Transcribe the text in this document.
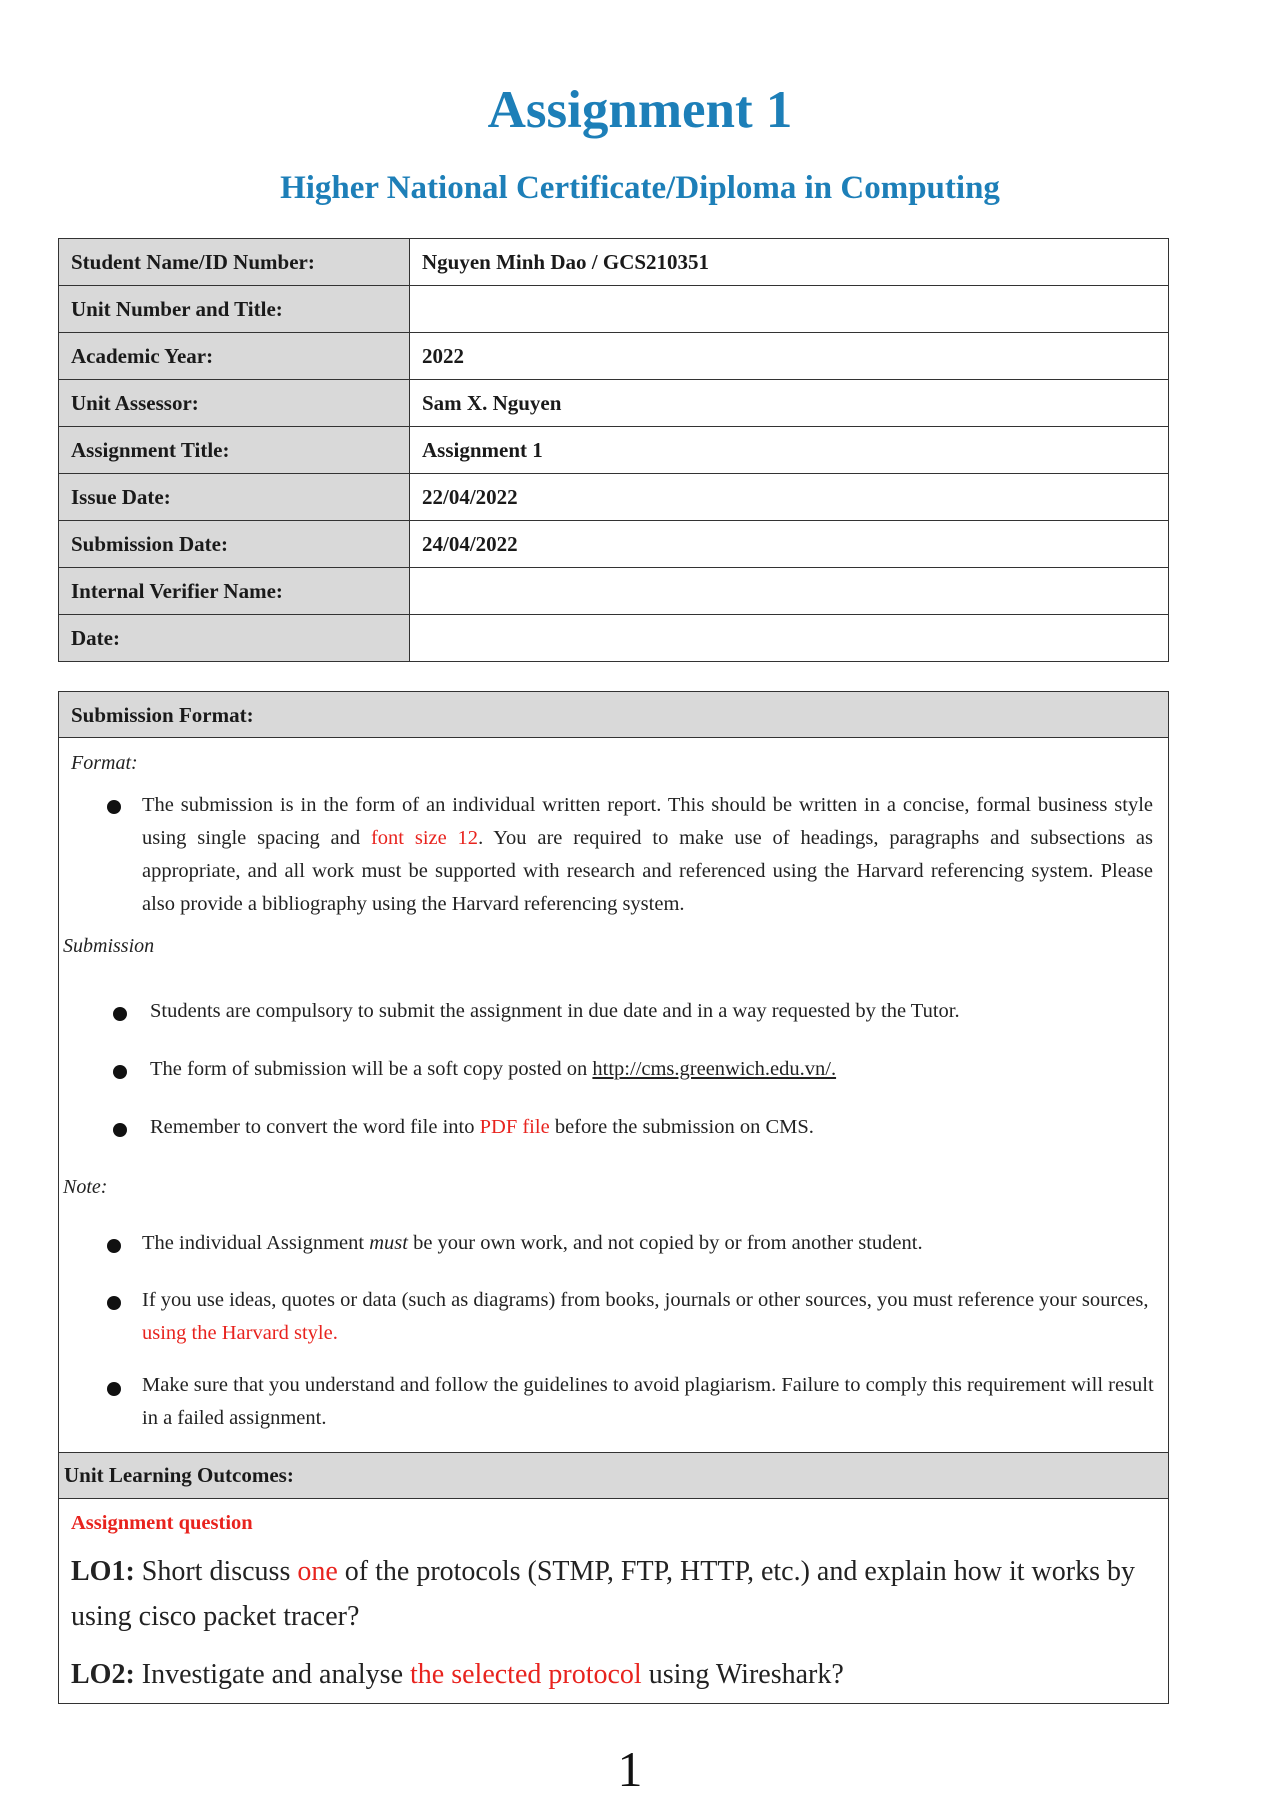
Assignment 1
Higher National Certificate/Diploma in Computing
Student Name/ID Number:	Nguyen Minh Dao / GCS210351
Unit Number and Title:	
Academic Year:	2022
Unit Assessor:	Sam X. Nguyen
Assignment Title:	Assignment 1
Issue Date:	22/04/2022
Submission Date:	24/04/2022
Internal Verifier Name:	
Date:	
Submission Format:
Format:
The submission is in the form of an individual written report. This should be written in a concise, formal business style using single spacing and font size 12. You are required to make use of headings, paragraphs and subsections as appropriate, and all work must be supported with research and referenced using the Harvard referencing system. Please also provide a bibliography using the Harvard referencing system.
Submission
Students are compulsory to submit the assignment in due date and in a way requested by the Tutor.
The form of submission will be a soft copy posted on http://cms.greenwich.edu.vn/.
Remember to convert the word file into PDF file before the submission on CMS.
Note:
The individual Assignment must be your own work, and not copied by or from another student.
If you use ideas, quotes or data (such as diagrams) from books, journals or other sources, you must reference your sources, using the Harvard style.
Make sure that you understand and follow the guidelines to avoid plagiarism. Failure to comply this requirement will result in a failed assignment.
Unit Learning Outcomes:
Assignment question
LO1: Short discuss one of the protocols (STMP, FTP, HTTP, etc.) and explain how it works by using cisco packet tracer?
LO2: Investigate and analyse the selected protocol using Wireshark?
1
